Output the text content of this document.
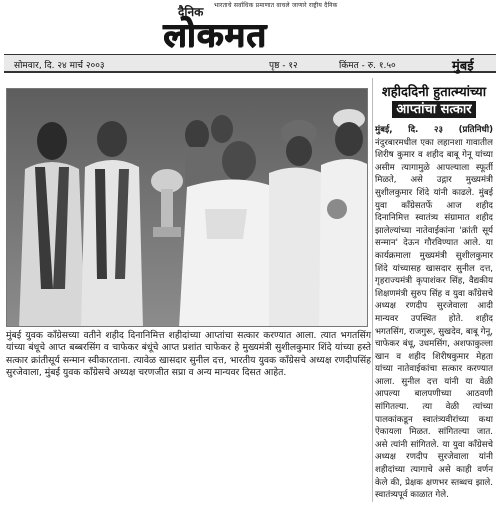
भारताचे सर्वाधिक प्रमाणात वाचले जाणारे राष्ट्रीय दैनिक
दैनिक
लोकमत
सोमवार, दि. २४ मार्च २००३	पृष्ठ - १२	किंमत - रु. १.५०	मुंबई
मुंबई युवक काँग्रेसच्या वतीने शहीद दिनानिमित्त शहीदांच्या आप्तांचा सत्कार करण्यात आला. त्यात भगतसिंग यांच्या बंधूचे आप्त बब्बरसिंग व चाफेकर बंधूंचे आप्त प्रशांत चाफेकर हे मुख्यमंत्री सुशीलकुमार शिंदे यांच्या हस्ते सत्कार क्रांतीसूर्य सन्मान स्वीकारताना. त्यावेळ खासदार सुनील दत्त, भारतीय युवक काँग्रेसचे अध्यक्ष रणदीपसिंह सुरजेवाला, मुंबई युवक काँग्रेसचे अध्यक्ष चरणजीत सप्रा व अन्य मान्यवर दिसत आहेत.
शहीददिनी हुतात्म्यांच्या
आप्तांचा सत्कार
मुंबई, दि. २३ (प्रतिनिधी) नंदुरबारमधील एका लहानशा गावातील शिरीष कुमार व शहीद बाबू गेनू यांच्या असीम त्यागामुळे आपल्याला स्फूर्ती मिळते, असे उद्गार मुख्यमंत्री सुशीलकुमार शिंदे यांनी काढले. मुंबई युवा काँग्रेसतर्फे आज शहीद दिनानिमित्त स्वातंत्र्य संग्रामात शहीद झालेल्यांच्या नातेवाईकांना 'क्रांती सूर्य सन्मान' देऊन गौरविण्यात आले. या कार्यक्रमाला मुख्यमंत्री सुशीलकुमार शिंदे यांच्यासह खासदार सुनील दत्त, गृहराज्यमंत्री कृपाशंकर सिंह, वैद्यकीय शिक्षणमंत्री सुरुप सिंह व युवा काँग्रेसचे अध्यक्ष रणदीप सुरजेवाला आदी मान्यवर उपस्थित होते. शहीद भगतसिंग, राजगुरू, सुखदेव, बाबू गेनू, चाफेकर बंधू, उधमसिंग, अशफाकुल्ला खान व शहीद शिरीषकुमार मेहता यांच्या नातेवाईकांचा सत्कार करण्यात आला. सुनील दत्त यांनी या वेळी आपल्या बालपणीच्या आठवणी सांगितल्या. त्या वेळी त्यांच्या पालकांकडून स्वातंत्र्यवीरांच्या कथा ऐकायला मिळत. सांगितल्या जात. असे त्यांनी सांगितले. या युवा काँग्रेसचे अध्यक्ष रणदीप सुरजेवाला यांनी शहीदांच्या त्यागाचे असे काही वर्णन केले की, प्रेक्षक क्षणभर स्तब्धच झाले. स्वातंत्र्यपूर्व काळात गेले.
